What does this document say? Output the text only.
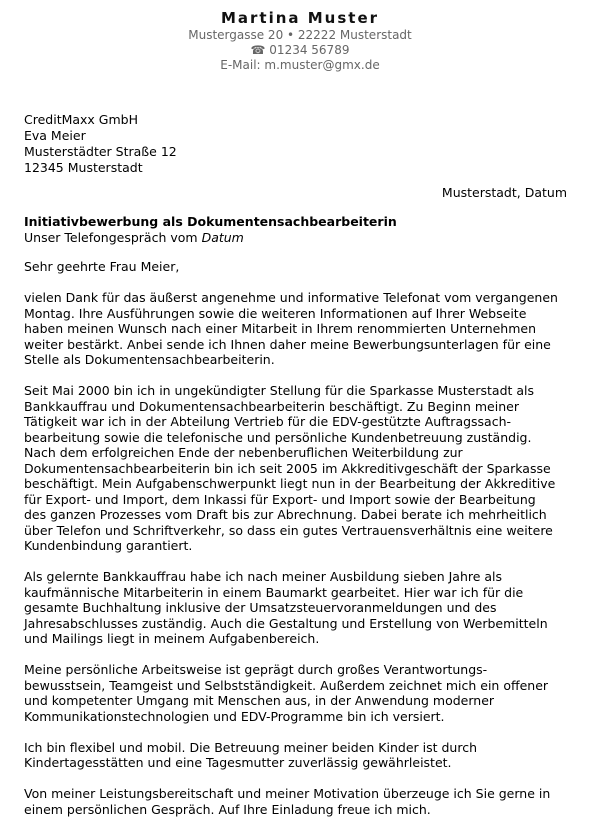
Martina Muster
Mustergasse 20 • 22222 Musterstadt
☎ 01234 56789
E-Mail: m.muster@gmx.de
CreditMaxx GmbH
Eva Meier
Musterstädter Straße 12
12345 Musterstadt
Musterstadt, Datum
Initiativbewerbung als Dokumentensachbearbeiterin
Unser Telefongespräch vom Datum

Sehr geehrte Frau Meier,

vielen Dank für das äußerst angenehme und informative Telefonat vom vergangenen
Montag. Ihre Ausführungen sowie die weiteren Informationen auf Ihrer Webseite
haben meinen Wunsch nach einer Mitarbeit in Ihrem renommierten Unternehmen
weiter bestärkt. Anbei sende ich Ihnen daher meine Bewerbungsunterlagen für eine
Stelle als Dokumentensachbearbeiterin.

Seit Mai 2000 bin ich in ungekündigter Stellung für die Sparkasse Musterstadt als
Bankkauffrau und Dokumentensachbearbeiterin beschäftigt. Zu Beginn meiner
Tätigkeit war ich in der Abteilung Vertrieb für die EDV-gestützte Auftragssach-
bearbeitung sowie die telefonische und persönliche Kundenbetreuung zuständig.
Nach dem erfolgreichen Ende der nebenberuflichen Weiterbildung zur
Dokumentensachbearbeiterin bin ich seit 2005 im Akkreditivgeschäft der Sparkasse
beschäftigt. Mein Aufgabenschwerpunkt liegt nun in der Bearbeitung der Akkreditive
für Export- und Import, dem Inkassi für Export- und Import sowie der Bearbeitung
des ganzen Prozesses vom Draft bis zur Abrechnung. Dabei berate ich mehrheitlich
über Telefon und Schriftverkehr, so dass ein gutes Vertrauensverhältnis eine weitere
Kundenbindung garantiert.

Als gelernte Bankkauffrau habe ich nach meiner Ausbildung sieben Jahre als
kaufmännische Mitarbeiterin in einem Baumarkt gearbeitet. Hier war ich für die
gesamte Buchhaltung inklusive der Umsatzsteuervoranmeldungen und des
Jahresabschlusses zuständig. Auch die Gestaltung und Erstellung von Werbemitteln
und Mailings liegt in meinem Aufgabenbereich.

Meine persönliche Arbeitsweise ist geprägt durch großes Verantwortungs-
bewusstsein, Teamgeist und Selbstständigkeit. Außerdem zeichnet mich ein offener
und kompetenter Umgang mit Menschen aus, in der Anwendung moderner
Kommunikationstechnologien und EDV-Programme bin ich versiert.

Ich bin flexibel und mobil. Die Betreuung meiner beiden Kinder ist durch
Kindertagesstätten und eine Tagesmutter zuverlässig gewährleistet.

Von meiner Leistungsbereitschaft und meiner Motivation überzeuge ich Sie gerne in
einem persönlichen Gespräch. Auf Ihre Einladung freue ich mich.
